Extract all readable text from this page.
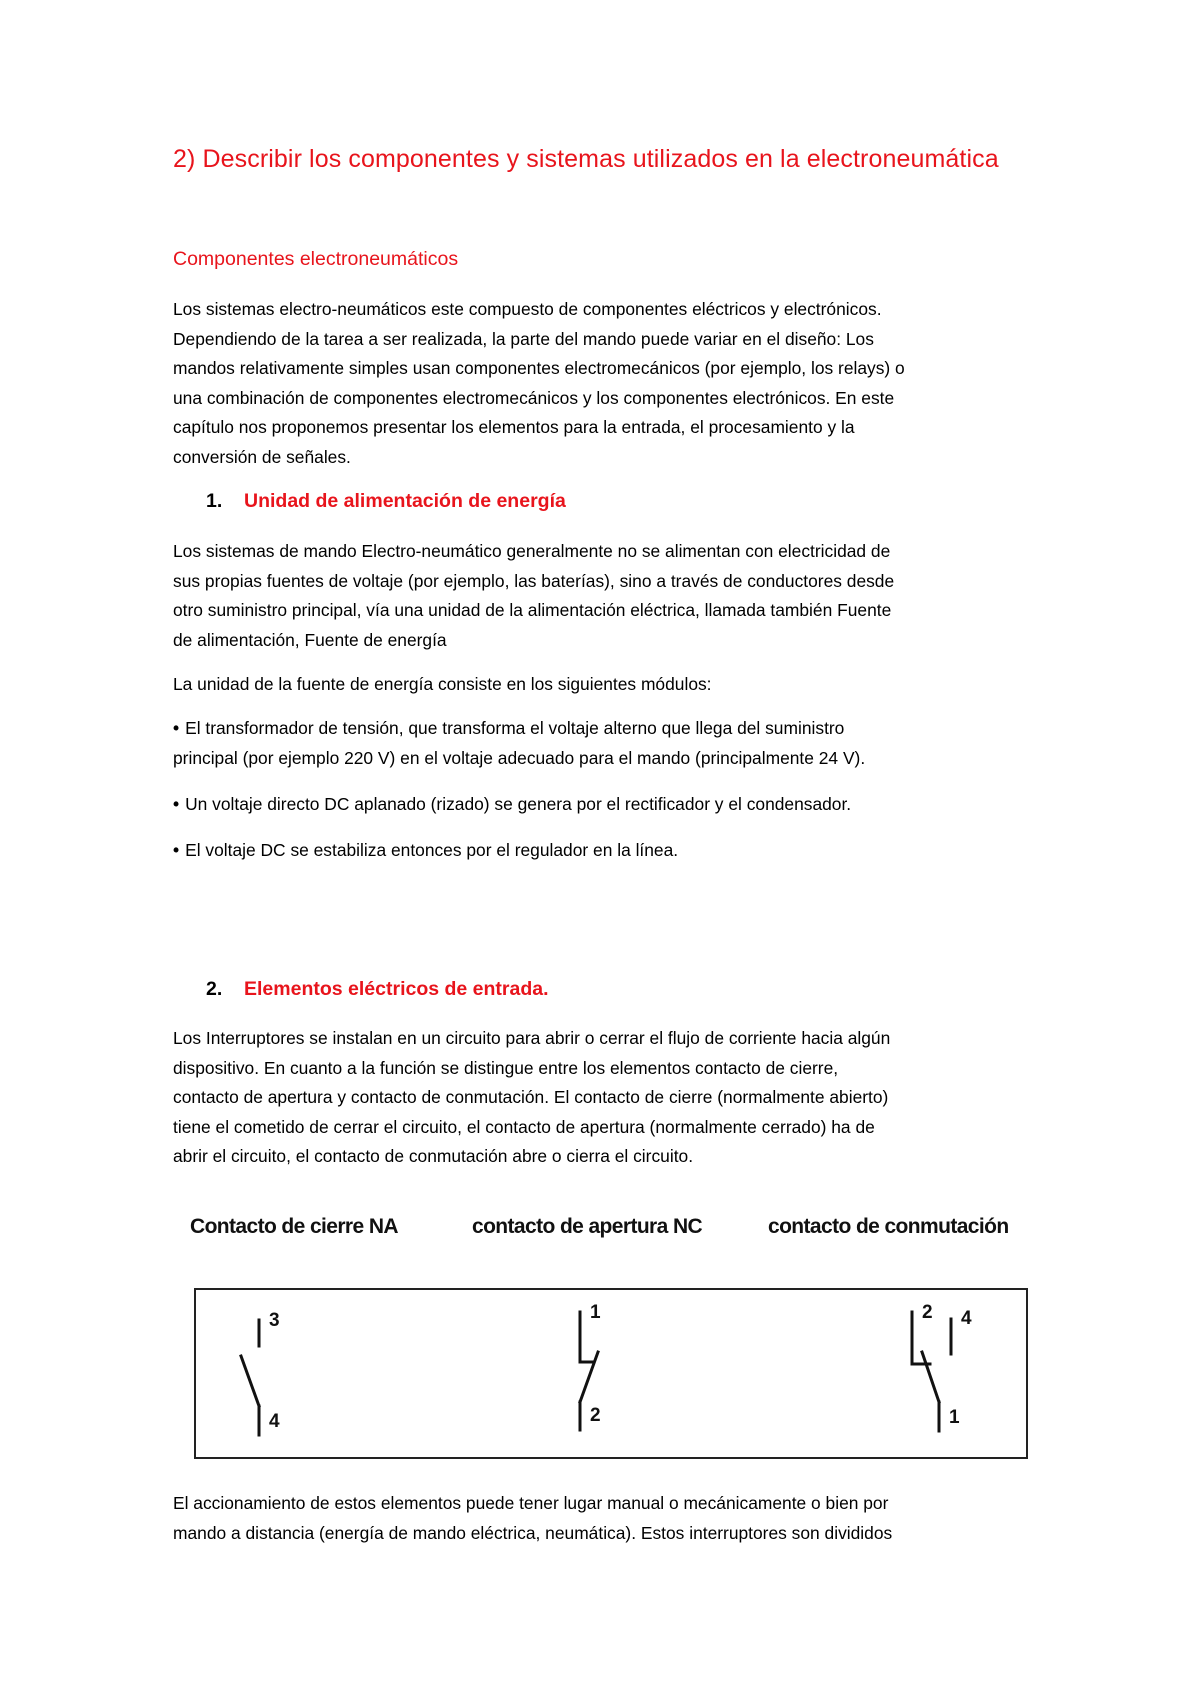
2) Describir los componentes y sistemas utilizados en la electroneumática
Componentes electroneumáticos
Los sistemas electro-neumáticos este compuesto de componentes eléctricos y electrónicos.
Dependiendo de la tarea a ser realizada, la parte del mando puede variar en el diseño: Los
mandos relativamente simples usan componentes electromecánicos (por ejemplo, los relays) o
una combinación de componentes electromecánicos y los componentes electrónicos. En este
capítulo nos proponemos presentar los elementos para la entrada, el procesamiento y la
conversión de señales.
1. Unidad de alimentación de energía
Los sistemas de mando Electro-neumático generalmente no se alimentan con electricidad de
sus propias fuentes de voltaje (por ejemplo, las baterías), sino a través de conductores desde
otro suministro principal, vía una unidad de la alimentación eléctrica, llamada también Fuente
de alimentación, Fuente de energía
La unidad de la fuente de energía consiste en los siguientes módulos:
• El transformador de tensión, que transforma el voltaje alterno que llega del suministro
principal (por ejemplo 220 V) en el voltaje adecuado para el mando (principalmente 24 V).
• Un voltaje directo DC aplanado (rizado) se genera por el rectificador y el condensador.
• El voltaje DC se estabiliza entonces por el regulador en la línea.
2. Elementos eléctricos de entrada.
Los Interruptores se instalan en un circuito para abrir o cerrar el flujo de corriente hacia algún
dispositivo. En cuanto a la función se distingue entre los elementos contacto de cierre,
contacto de apertura y contacto de conmutación. El contacto de cierre (normalmente abierto)
tiene el cometido de cerrar el circuito, el contacto de apertura (normalmente cerrado) ha de
abrir el circuito, el contacto de conmutación abre o cierra el circuito.
El accionamiento de estos elementos puede tener lugar manual o mecánicamente o bien por
mando a distancia (energía de mando eléctrica, neumática). Estos interruptores son divididos
Contacto de cierre NA	contacto de apertura NC	contacto de conmutación
3
4
1
2
2 4
1
